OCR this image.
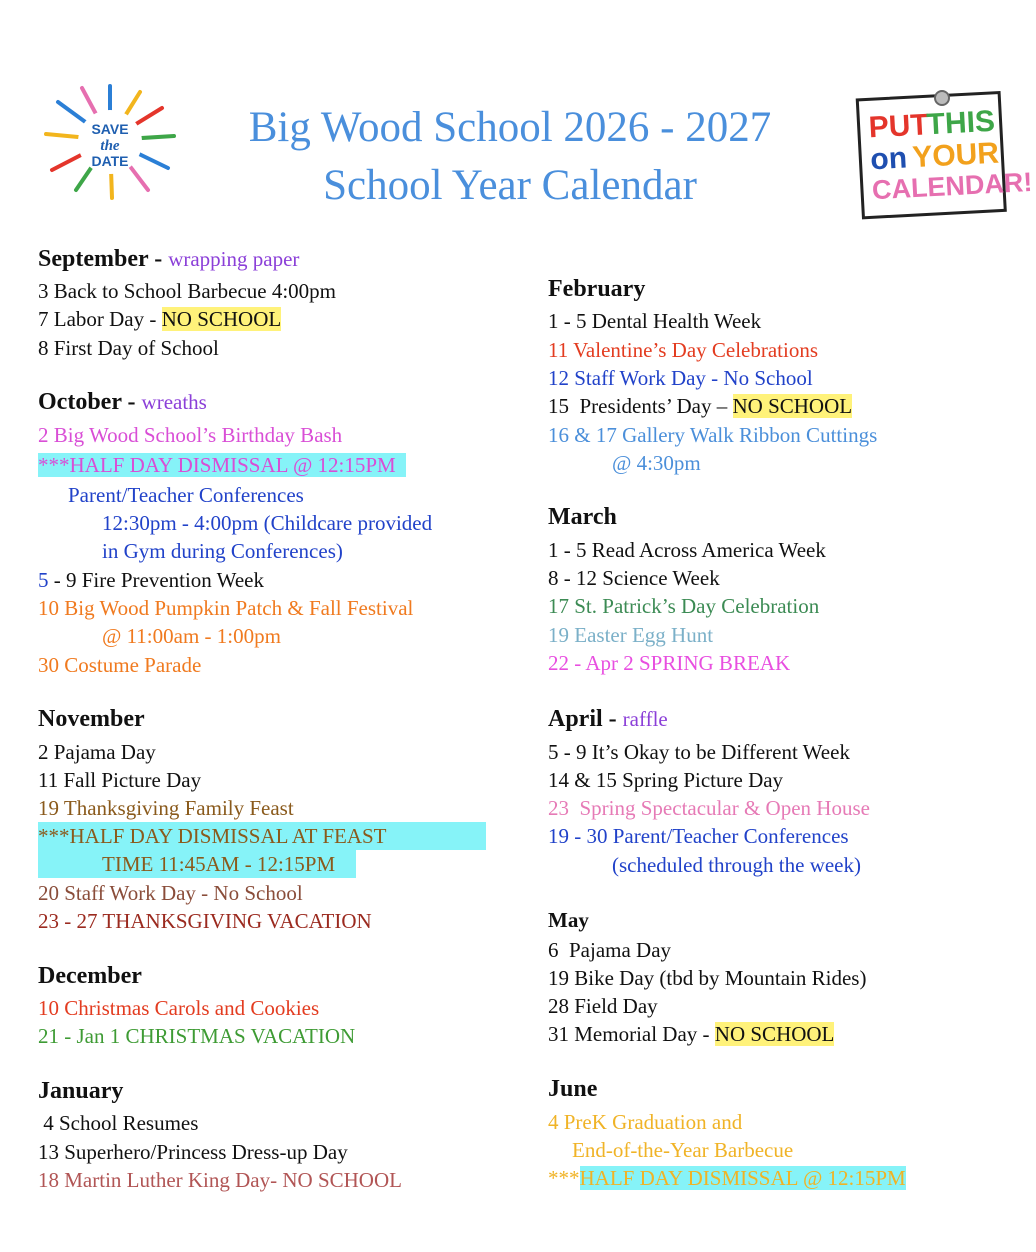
SAVE
the
DATE
Big Wood School 2026 - 2027
School Year Calendar
PUT
THIS
on YOUR
CALENDAR!
September - wrapping paper
3 Back to School Barbecue 4:00pm
7 Labor Day - NO SCHOOL
8 First Day of School
October - wreaths
2 Big Wood School’s Birthday Bash
***HALF DAY DISMISSAL @ 12:15PM
Parent/Teacher Conferences
12:30pm - 4:00pm (Childcare provided
in Gym during Conferences)
5 - 9 Fire Prevention Week
10 Big Wood Pumpkin Patch & Fall Festival
@ 11:00am - 1:00pm
30 Costume Parade
November
2 Pajama Day
11 Fall Picture Day
19 Thanksgiving Family Feast
***HALF DAY DISMISSAL AT FEAST
TIME 11:45AM - 12:15PM
20 Staff Work Day - No School
23 - 27 THANKSGIVING VACATION
December
10 Christmas Carols and Cookies
21 - Jan 1 CHRISTMAS VACATION
January
4 School Resumes
13 Superhero/Princess Dress-up Day
18 Martin Luther King Day- NO SCHOOL
February
1 - 5 Dental Health Week
11 Valentine’s Day Celebrations
12 Staff Work Day - No School
15  Presidents’ Day – NO SCHOOL
16 & 17 Gallery Walk Ribbon Cuttings
@ 4:30pm
March
1 - 5 Read Across America Week
8 - 12 Science Week
17 St. Patrick’s Day Celebration
19 Easter Egg Hunt
22 - Apr 2 SPRING BREAK
April - raffle
5 - 9 It’s Okay to be Different Week
14 & 15 Spring Picture Day
23  Spring Spectacular & Open House
19 - 30 Parent/Teacher Conferences
(scheduled through the week)
May
6  Pajama Day
19 Bike Day (tbd by Mountain Rides)
28 Field Day
31 Memorial Day - NO SCHOOL
June
4 PreK Graduation and
End-of-the-Year Barbecue
***HALF DAY DISMISSAL @ 12:15PM
